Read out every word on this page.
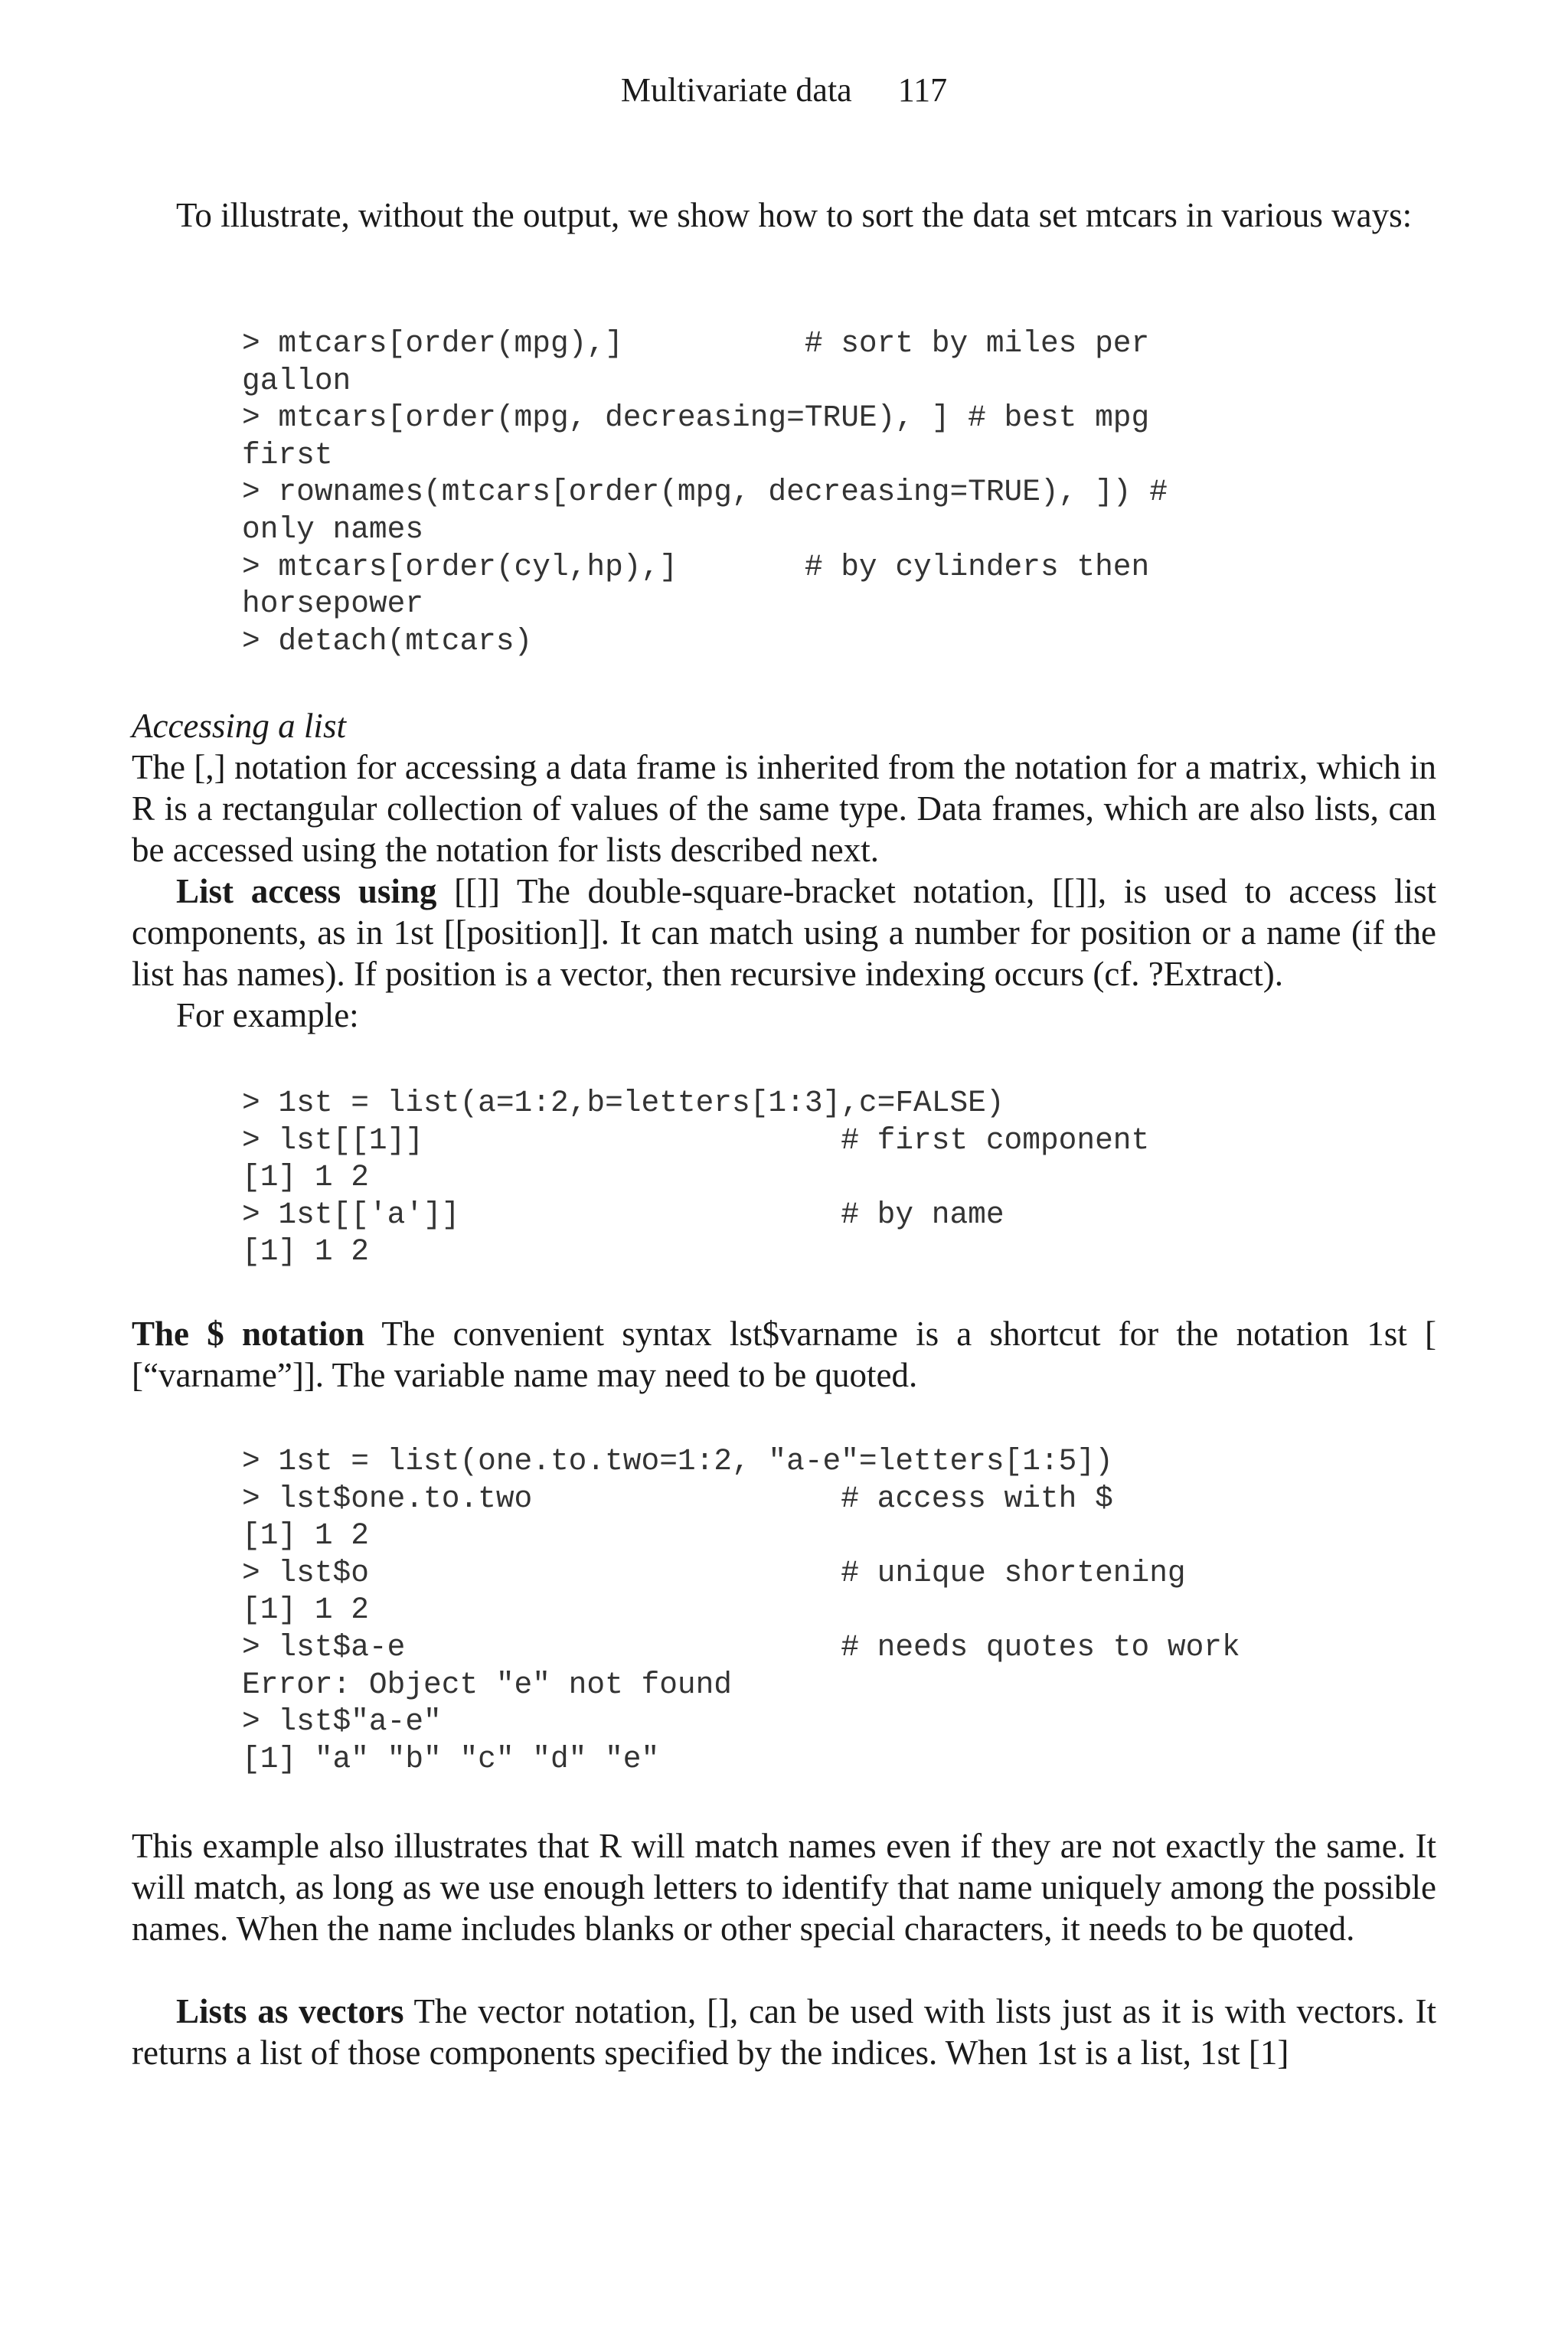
Multivariate data 117
To illustrate, without the output, we show how to sort the data set mtcars in various ways:
> mtcars[order(mpg),]          # sort by miles per
gallon
> mtcars[order(mpg, decreasing=TRUE), ] # best mpg
first
> rownames(mtcars[order(mpg, decreasing=TRUE), ]) #
only names
> mtcars[order(cyl,hp),]       # by cylinders then
horsepower
> detach(mtcars)
Accessing a list
The [,] notation for accessing a data frame is inherited from the notation for a matrix, which in R is a rectangular collection of values of the same type. Data frames, which are also lists, can be accessed using the notation for lists described next.
List access using [[]] The double-square-bracket notation, [[]], is used to access list components, as in 1st [[position]]. It can match using a number for position or a name (if the list has names). If position is a vector, then recursive indexing occurs (cf. ?Extract).
For example:
> 1st = list(a=1:2,b=letters[1:3],c=FALSE)
> lst[[1]]                       # first component
[1] 1 2
> 1st[['a']]                     # by name
[1] 1 2
The $ notation The convenient syntax lst$varname is a shortcut for the notation 1st [ [“varname”]]. The variable name may need to be quoted.
> 1st = list(one.to.two=1:2, "a-e"=letters[1:5])
> lst$one.to.two                 # access with $
[1] 1 2
> lst$o                          # unique shortening
[1] 1 2
> lst$a-e                        # needs quotes to work
Error: Object "e" not found
> lst$"a-e"
[1] "a" "b" "c" "d" "e"
This example also illustrates that R will match names even if they are not exactly the same. It will match, as long as we use enough letters to identify that name uniquely among the possible names. When the name includes blanks or other special characters, it needs to be quoted.
Lists as vectors The vector notation, [], can be used with lists just as it is with vectors. It returns a list of those components specified by the indices. When 1st is a list, 1st [1]
